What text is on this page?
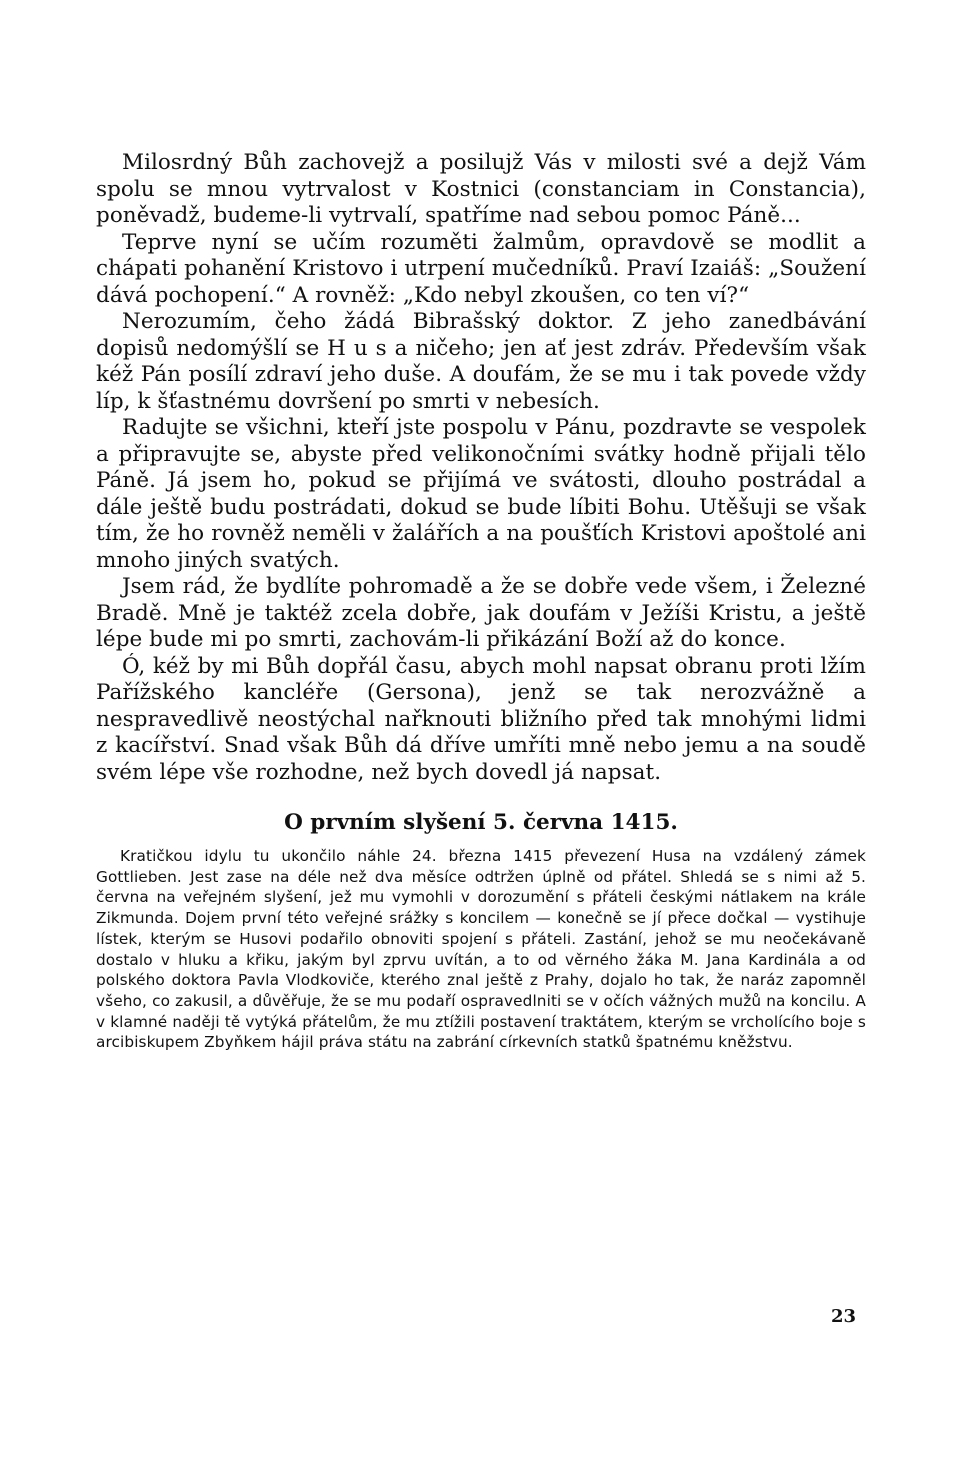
Milosrdný Bůh zachovejž a posilujž Vás v milosti své a dejž Vám spolu se mnou vytrvalost v Kostnici (constanciam in Constancia), poněvadž, budeme-li vytrvalí, spatříme nad sebou pomoc Páně...

Teprve nyní se učím rozuměti žalmům, opravdově se modlit a chápati pohanění Kristovo i utrpení mučedníků. Praví Izaiáš: „Soužení dává pochopení.“ A rovněž: „Kdo nebyl zkoušen, co ten ví?“

Nerozumím, čeho žádá Bibrašský doktor. Z jeho zanedbávání dopisů nedomýšlí se H u s a ničeho; jen ať jest zdráv. Především však kéž Pán posílí zdraví jeho duše. A doufám, že se mu i tak povede vždy líp, k šťastnému dovršení po smrti v nebesích.

Radujte se všichni, kteří jste pospolu v Pánu, pozdravte se vespolek a připravujte se, abyste před velikonočními svátky hodně přijali tělo Páně. Já jsem ho, pokud se přijímá ve svátosti, dlouho postrádal a dále ještě budu postrádati, dokud se bude líbiti Bohu. Utěšuji se však tím, že ho rovněž neměli v žalářích a na poušťích Kristovi apoštolé ani mnoho jiných svatých.

Jsem rád, že bydlíte pohromadě a že se dobře vede všem, i Železné Bradě. Mně je taktéž zcela dobře, jak doufám v Ježíši Kristu, a ještě lépe bude mi po smrti, zachovám-li přikázání Boží až do konce.

Ó, kéž by mi Bůh dopřál času, abych mohl napsat obranu proti lžím Pařížského kancléře (Gersona), jenž se tak nerozvážně a nespravedlivě neostýchal nařknouti bližního před tak mnohými lidmi z kacířství. Snad však Bůh dá dříve umříti mně nebo jemu a na soudě svém lépe vše rozhodne, než bych dovedl já napsat.

O prvním slyšení 5. června 1415.

Kratičkou idylu tu ukončilo náhle 24. března 1415 převezení Husa na vzdálený zámek Gottlieben. Jest zase na déle než dva měsíce odtržen úplně od přátel. Shledá se s nimi až 5. června na veřejném slyšení, jež mu vymohli v dorozumění s přáteli českými nátlakem na krále Zikmunda. Dojem první této veřejné srážky s koncilem — konečně se jí přece dočkal — vystihuje lístek, kterým se Husovi podařilo obnoviti spojení s přáteli. Zastání, jehož se mu neočekávaně dostalo v hluku a křiku, jakým byl zprvu uvítán, a to od věrného žáka M. Jana Kardinála a od polského doktora Pavla Vlodkoviče, kterého znal ještě z Prahy, dojalo ho tak, že naráz zapomněl všeho, co zakusil, a důvěřuje, že se mu podaří ospravedlniti se v očích vážných mužů na koncilu. A v klamné naději tě vytýká přátelům, že mu ztížili postavení traktátem, kterým se vrcholícího boje s arcibiskupem Zbyňkem hájil práva státu na zabrání církevních statků špatnému kněžstvu.

23
